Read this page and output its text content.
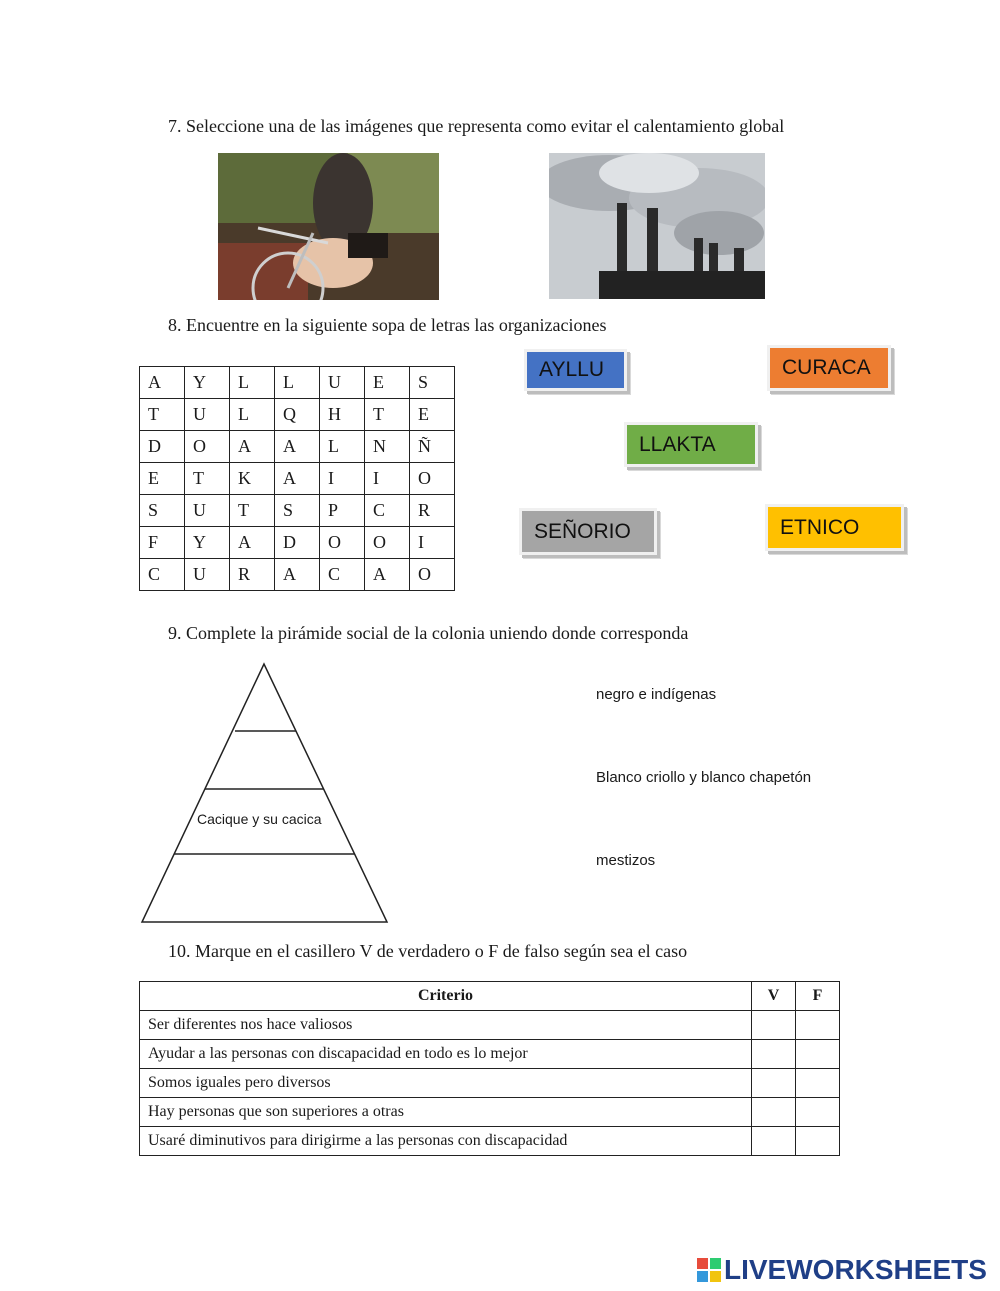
7. Seleccione una de las imágenes que representa como evitar el calentamiento global
8. Encuentre en la siguiente sopa de letras las organizaciones
A	Y	L	L	U	E	S
T	U	L	Q	H	T	E
D	O	A	A	L	N	Ñ
E	T	K	A	I	I	O
S	U	T	S	P	C	R
F	Y	A	D	O	O	I
C	U	R	A	C	A	O
AYLLU	CURACA
LLAKTA
SEÑORIO	ETNICO
9. Complete la pirámide social de la colonia uniendo donde corresponda
Cacique y su cacica
negro e indígenas
Blanco criollo y blanco chapetón
mestizos
10. Marque en el casillero V de verdadero o F de falso según sea el caso
Criterio	V	F
Ser diferentes nos hace valiosos		
Ayudar a las personas con discapacidad en todo es lo mejor		
Somos iguales pero diversos		
Hay personas que son superiores a otras		
Usaré diminutivos para dirigirme a las personas con discapacidad		
LIVEWORKSHEETS
